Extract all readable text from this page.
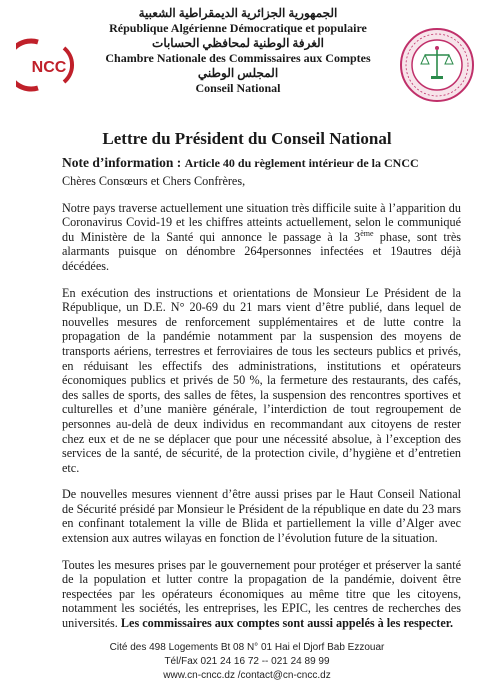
NCC
الجمهورية الجزائرية الديمقراطية الشعبية
République Algérienne Démocratique et populaire
الغرفة الوطنية لمحافظي الحسابات
Chambre Nationale des Commissaires aux Comptes
المجلس الوطني
Conseil National
Lettre du Président du Conseil National
Note d’information : Article 40 du règlement intérieur de la CNCC

Chères Consœurs et Chers Confrères,

Notre pays traverse actuellement une situation très difficile suite à l’apparition du Coronavirus Covid-19 et les chiffres atteints actuellement, selon le communiqué du Ministère de la Santé qui annonce le passage à la 3ème phase, sont très alarmants puisque on dénombre 264personnes infectées et 19autres déjà décédées.

En exécution des instructions et orientations de Monsieur Le Président de la République, un D.E. N° 20-69 du 21 mars vient d’être publié, dans lequel de nouvelles mesures de renforcement supplémentaires et de lutte contre la propagation de la pandémie notamment par la suspension des moyens de transports aériens, terrestres et ferroviaires de tous les secteurs publics et privés, en réduisant les effectifs des administrations, institutions et opérateurs économiques publics et privés de 50 %, la fermeture des restaurants, des cafés, des salles de sports, des salles de fêtes, la suspension des rencontres sportives et culturelles et d’une manière générale, l’interdiction de tout regroupement de personnes au-delà de deux individus en recommandant aux citoyens de rester chez eux et de ne se déplacer que pour une nécessité absolue, à l’exception des services de la santé, de sécurité, de la protection civile, d’hygiène et d’entretien etc.

De nouvelles mesures viennent d’être aussi prises par le Haut Conseil National de Sécurité présidé par Monsieur le Président de la république en date du 23 mars en confinant totalement la ville de Blida et partiellement la ville d’Alger avec extension aux autres wilayas en fonction de l’évolution future de la situation.

Toutes les mesures prises par le gouvernement pour protéger et préserver la santé de la population et lutter contre la propagation de la pandémie, doivent être respectées par les opérateurs économiques au même titre que les citoyens, notamment les sociétés, les entreprises, les EPIC, les centres de recherches des universités. Les commissaires aux comptes sont aussi appelés à les respecter.

Cité des 498 Logements Bt 08 N° 01 Hai el Djorf Bab Ezzouar
Tél/Fax 021 24 16 72 -- 021 24 89 99
www.cn-cncc.dz /contact@cn-cncc.dz
